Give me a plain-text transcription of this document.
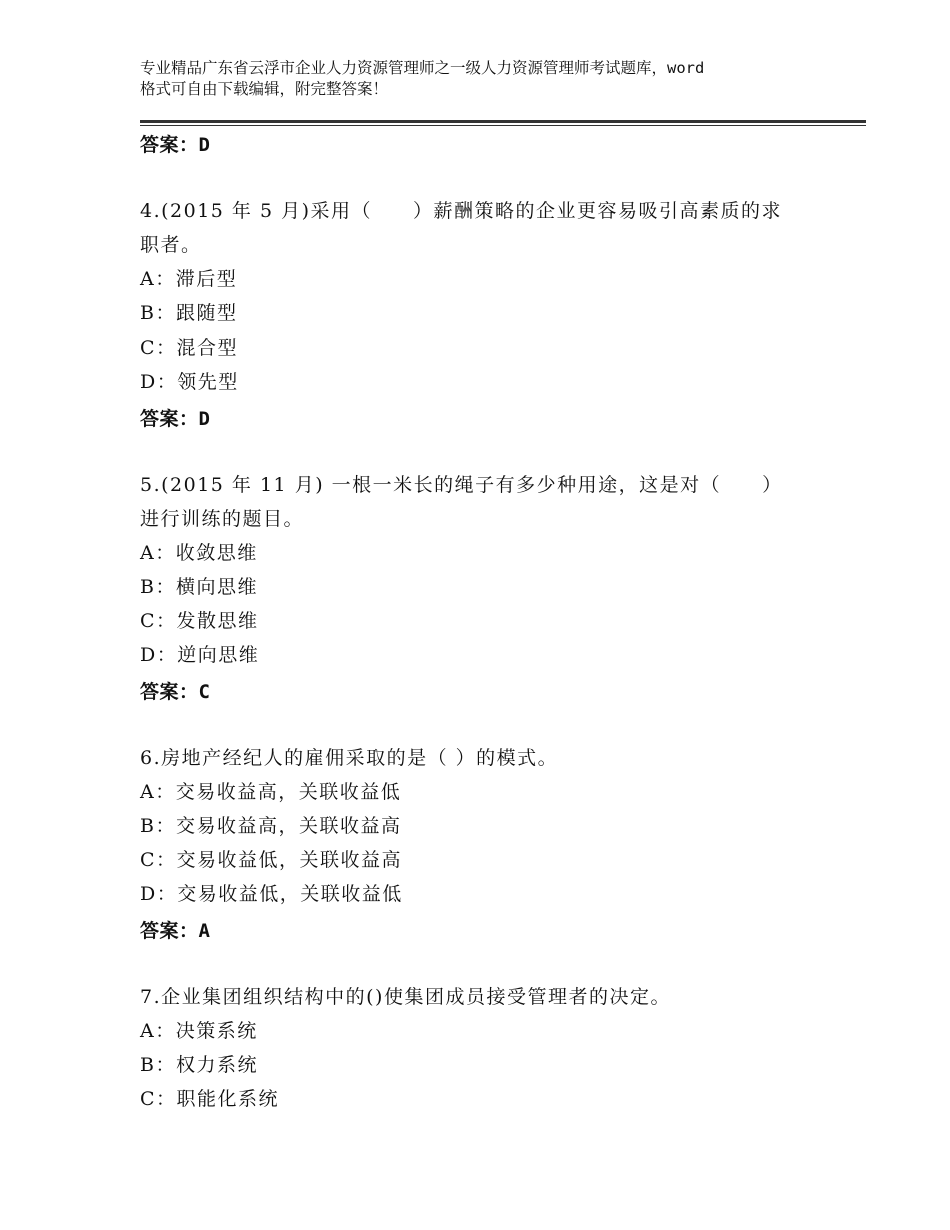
专业精品广东省云浮市企业人力资源管理师之一级人力资源管理师考试题库，word
格式可自由下载编辑，附完整答案！
答案：D
4.(2015 年 5 月)采用（　　）薪酬策略的企业更容易吸引高素质的求
职者。
A：滞后型
B：跟随型
C：混合型
D：领先型
答案：D
5.(2015 年 11 月) 一根一米长的绳子有多少种用途，这是对（　　）
进行训练的题目。
A：收敛思维
B：横向思维
C：发散思维
D：逆向思维
答案：C
6.房地产经纪人的雇佣采取的是（ ）的模式。
A：交易收益高，关联收益低
B：交易收益高，关联收益高
C：交易收益低，关联收益高
D：交易收益低，关联收益低
答案：A
7.企业集团组织结构中的()使集团成员接受管理者的决定。
A：决策系统
B：权力系统
C：职能化系统
